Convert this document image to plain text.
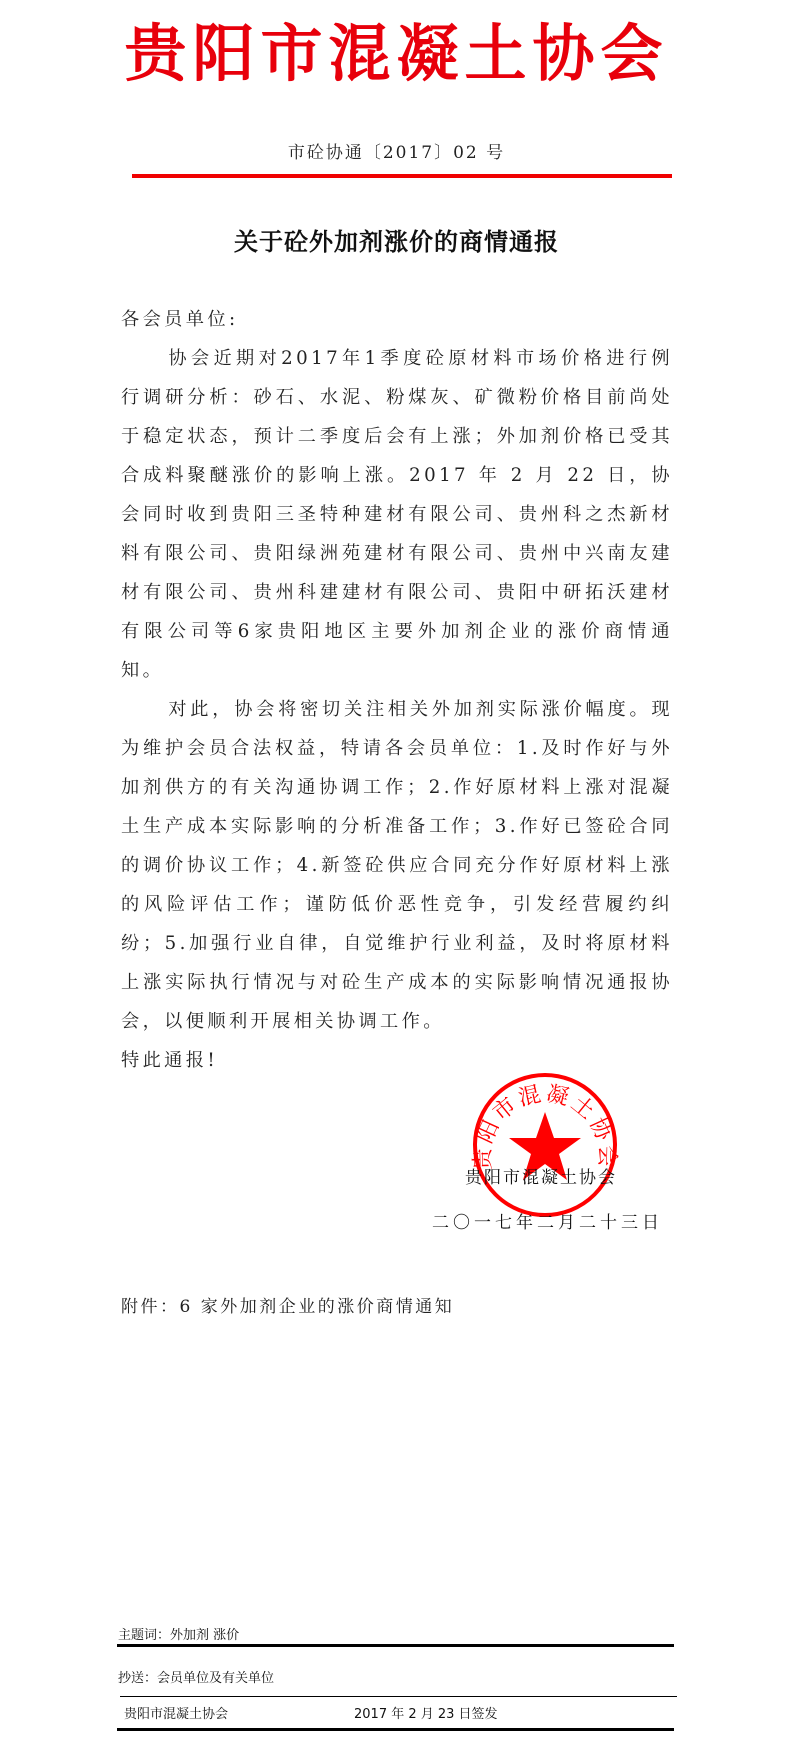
贵阳市混凝土协会
市砼协通〔2017〕02 号
关于砼外加剂涨价的商情通报

各会员单位:

协会近期对2017年1季度砼原材料市场价格进行例行调研分析：砂石、水泥、粉煤灰、矿微粉价格目前尚处于稳定状态，预计二季度后会有上涨；外加剂价格已受其合成料聚醚涨价的影响上涨。2017 年 2 月 22 日，协会同时收到贵阳三圣特种建材有限公司、贵州科之杰新材料有限公司、贵阳绿洲苑建材有限公司、贵州中兴南友建材有限公司、贵州科建建材有限公司、贵阳中研拓沃建材有限公司等6家贵阳地区主要外加剂企业的涨价商情通知。

对此，协会将密切关注相关外加剂实际涨价幅度。现为维护会员合法权益，特请各会员单位：1.及时作好与外加剂供方的有关沟通协调工作；2.作好原材料上涨对混凝土生产成本实际影响的分析准备工作；3.作好已签砼合同的调价协议工作；4.新签砼供应合同充分作好原材料上涨的风险评估工作；谨防低价恶性竞争，引发经营履约纠纷；5.加强行业自律，自觉维护行业利益，及时将原材料上涨实际执行情况与对砼生产成本的实际影响情况通报协会，以便顺利开展相关协调工作。

特此通报!

贵阳市混凝土协会
贵阳市混凝土协会
二〇一七年二月二十三日
附件：6 家外加剂企业的涨价商情通知
主题词：外加剂 涨价
抄送：会员单位及有关单位
贵阳市混凝土协会	2017 年 2 月 23 日签发
